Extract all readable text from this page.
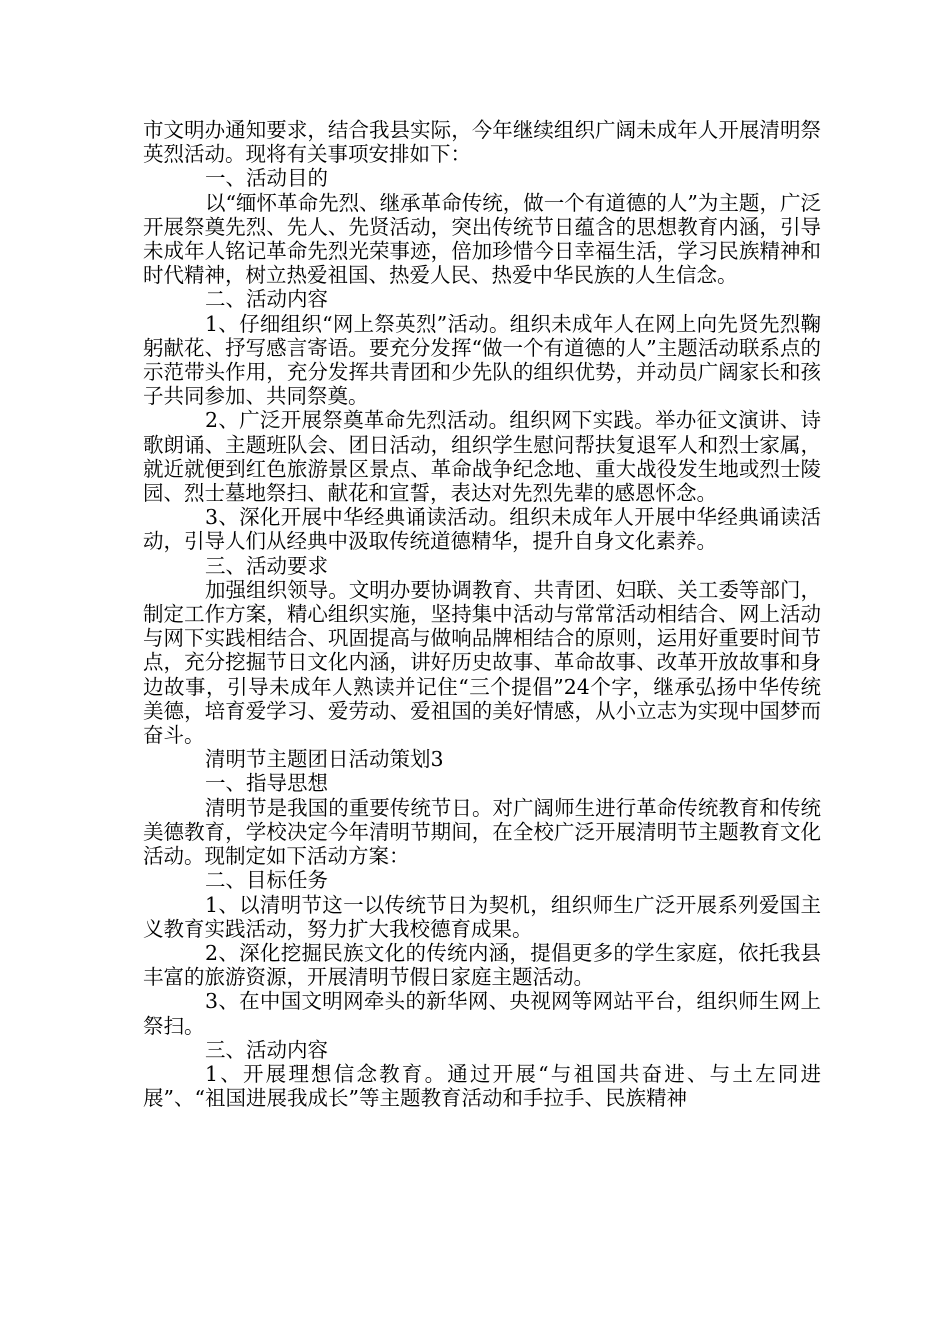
市文明办通知要求，结合我县实际，今年继续组织广阔未成年人开展清明祭英烈活动。现将有关事项安排如下：

一、活动目的

以“缅怀革命先烈、继承革命传统，做一个有道德的人”为主题，广泛开展祭奠先烈、先人、先贤活动，突出传统节日蕴含的思想教育内涵，引导未成年人铭记革命先烈光荣事迹，倍加珍惜今日幸福生活，学习民族精神和时代精神，树立热爱祖国、热爱人民、热爱中华民族的人生信念。

二、活动内容

1、仔细组织“网上祭英烈”活动。组织未成年人在网上向先贤先烈鞠躬献花、抒写感言寄语。要充分发挥“做一个有道德的人”主题活动联系点的示范带头作用，充分发挥共青团和少先队的组织优势，并动员广阔家长和孩子共同参加、共同祭奠。

2、广泛开展祭奠革命先烈活动。组织网下实践。举办征文演讲、诗歌朗诵、主题班队会、团日活动，组织学生慰问帮扶复退军人和烈士家属，就近就便到红色旅游景区景点、革命战争纪念地、重大战役发生地或烈士陵园、烈士墓地祭扫、献花和宣誓，表达对先烈先辈的感恩怀念。

3、深化开展中华经典诵读活动。组织未成年人开展中华经典诵读活动，引导人们从经典中汲取传统道德精华，提升自身文化素养。

三、活动要求

加强组织领导。文明办要协调教育、共青团、妇联、关工委等部门，制定工作方案，精心组织实施，坚持集中活动与常常活动相结合、网上活动与网下实践相结合、巩固提高与做响品牌相结合的原则，运用好重要时间节点，充分挖掘节日文化内涵，讲好历史故事、革命故事、改革开放故事和身边故事，引导未成年人熟读并记住“三个提倡”24个字，继承弘扬中华传统美德，培育爱学习、爱劳动、爱祖国的美好情感，从小立志为实现中国梦而奋斗。

清明节主题团日活动策划3

一、指导思想

清明节是我国的重要传统节日。对广阔师生进行革命传统教育和传统美德教育，学校决定今年清明节期间，在全校广泛开展清明节主题教育文化活动。现制定如下活动方案：

二、目标任务

1、以清明节这一以传统节日为契机，组织师生广泛开展系列爱国主义教育实践活动，努力扩大我校德育成果。

2、深化挖掘民族文化的传统内涵，提倡更多的学生家庭，依托我县丰富的旅游资源，开展清明节假日家庭主题活动。

3、在中国文明网牵头的新华网、央视网等网站平台，组织师生网上祭扫。

三、活动内容

1、开展理想信念教育。通过开展“与祖国共奋进、与土左同进展”、“祖国进展我成长”等主题教育活动和手拉手、民族精神
